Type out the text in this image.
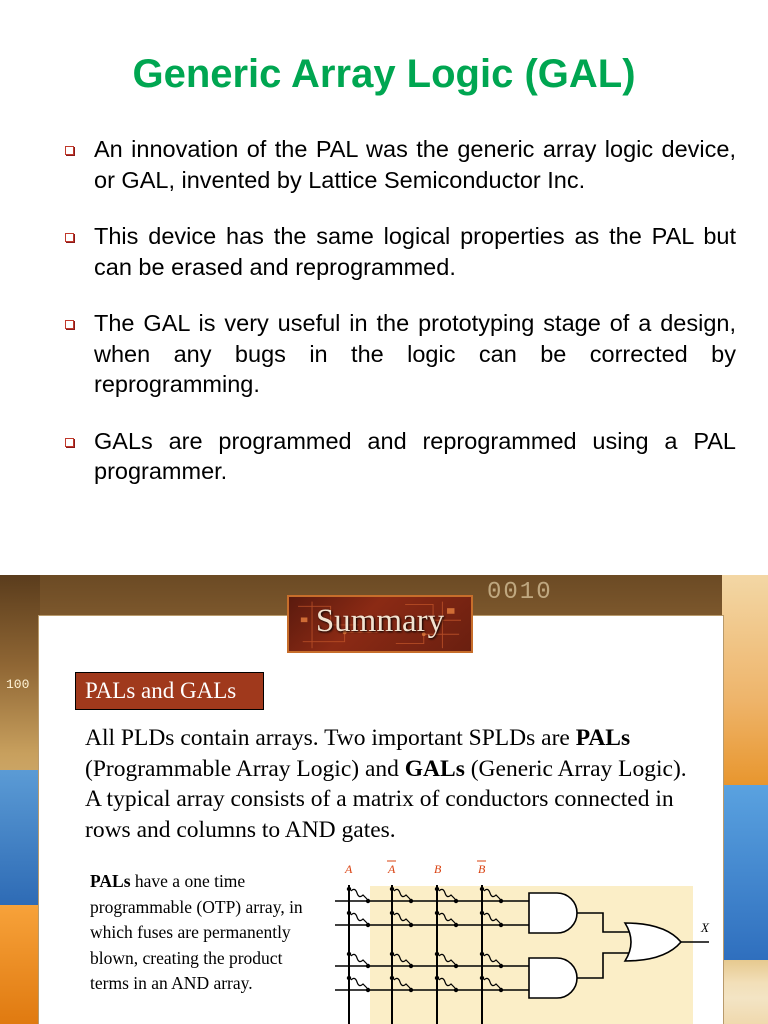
Generic Array Logic (GAL)
An innovation of the PAL was the generic array logic device, or GAL, invented by Lattice Semiconductor Inc.
This device has the same logical properties as the PAL but can be erased and reprogrammed.
The GAL is very useful in the prototyping stage of a design, when any bugs in the logic can be corrected by reprogramming.
GALs are programmed and reprogrammed using a PAL programmer.
0010
100
Summary
PALs and GALs
All PLDs contain arrays. Two important SPLDs are PALs (Programmable Array Logic) and GALs (Generic Array Logic). A typical array consists of a matrix of conductors connected in rows and columns to AND gates.
PALs have a one time programmable (OTP) array, in which fuses are permanently blown, creating the product terms in an AND array.
A	A	B	B
X
